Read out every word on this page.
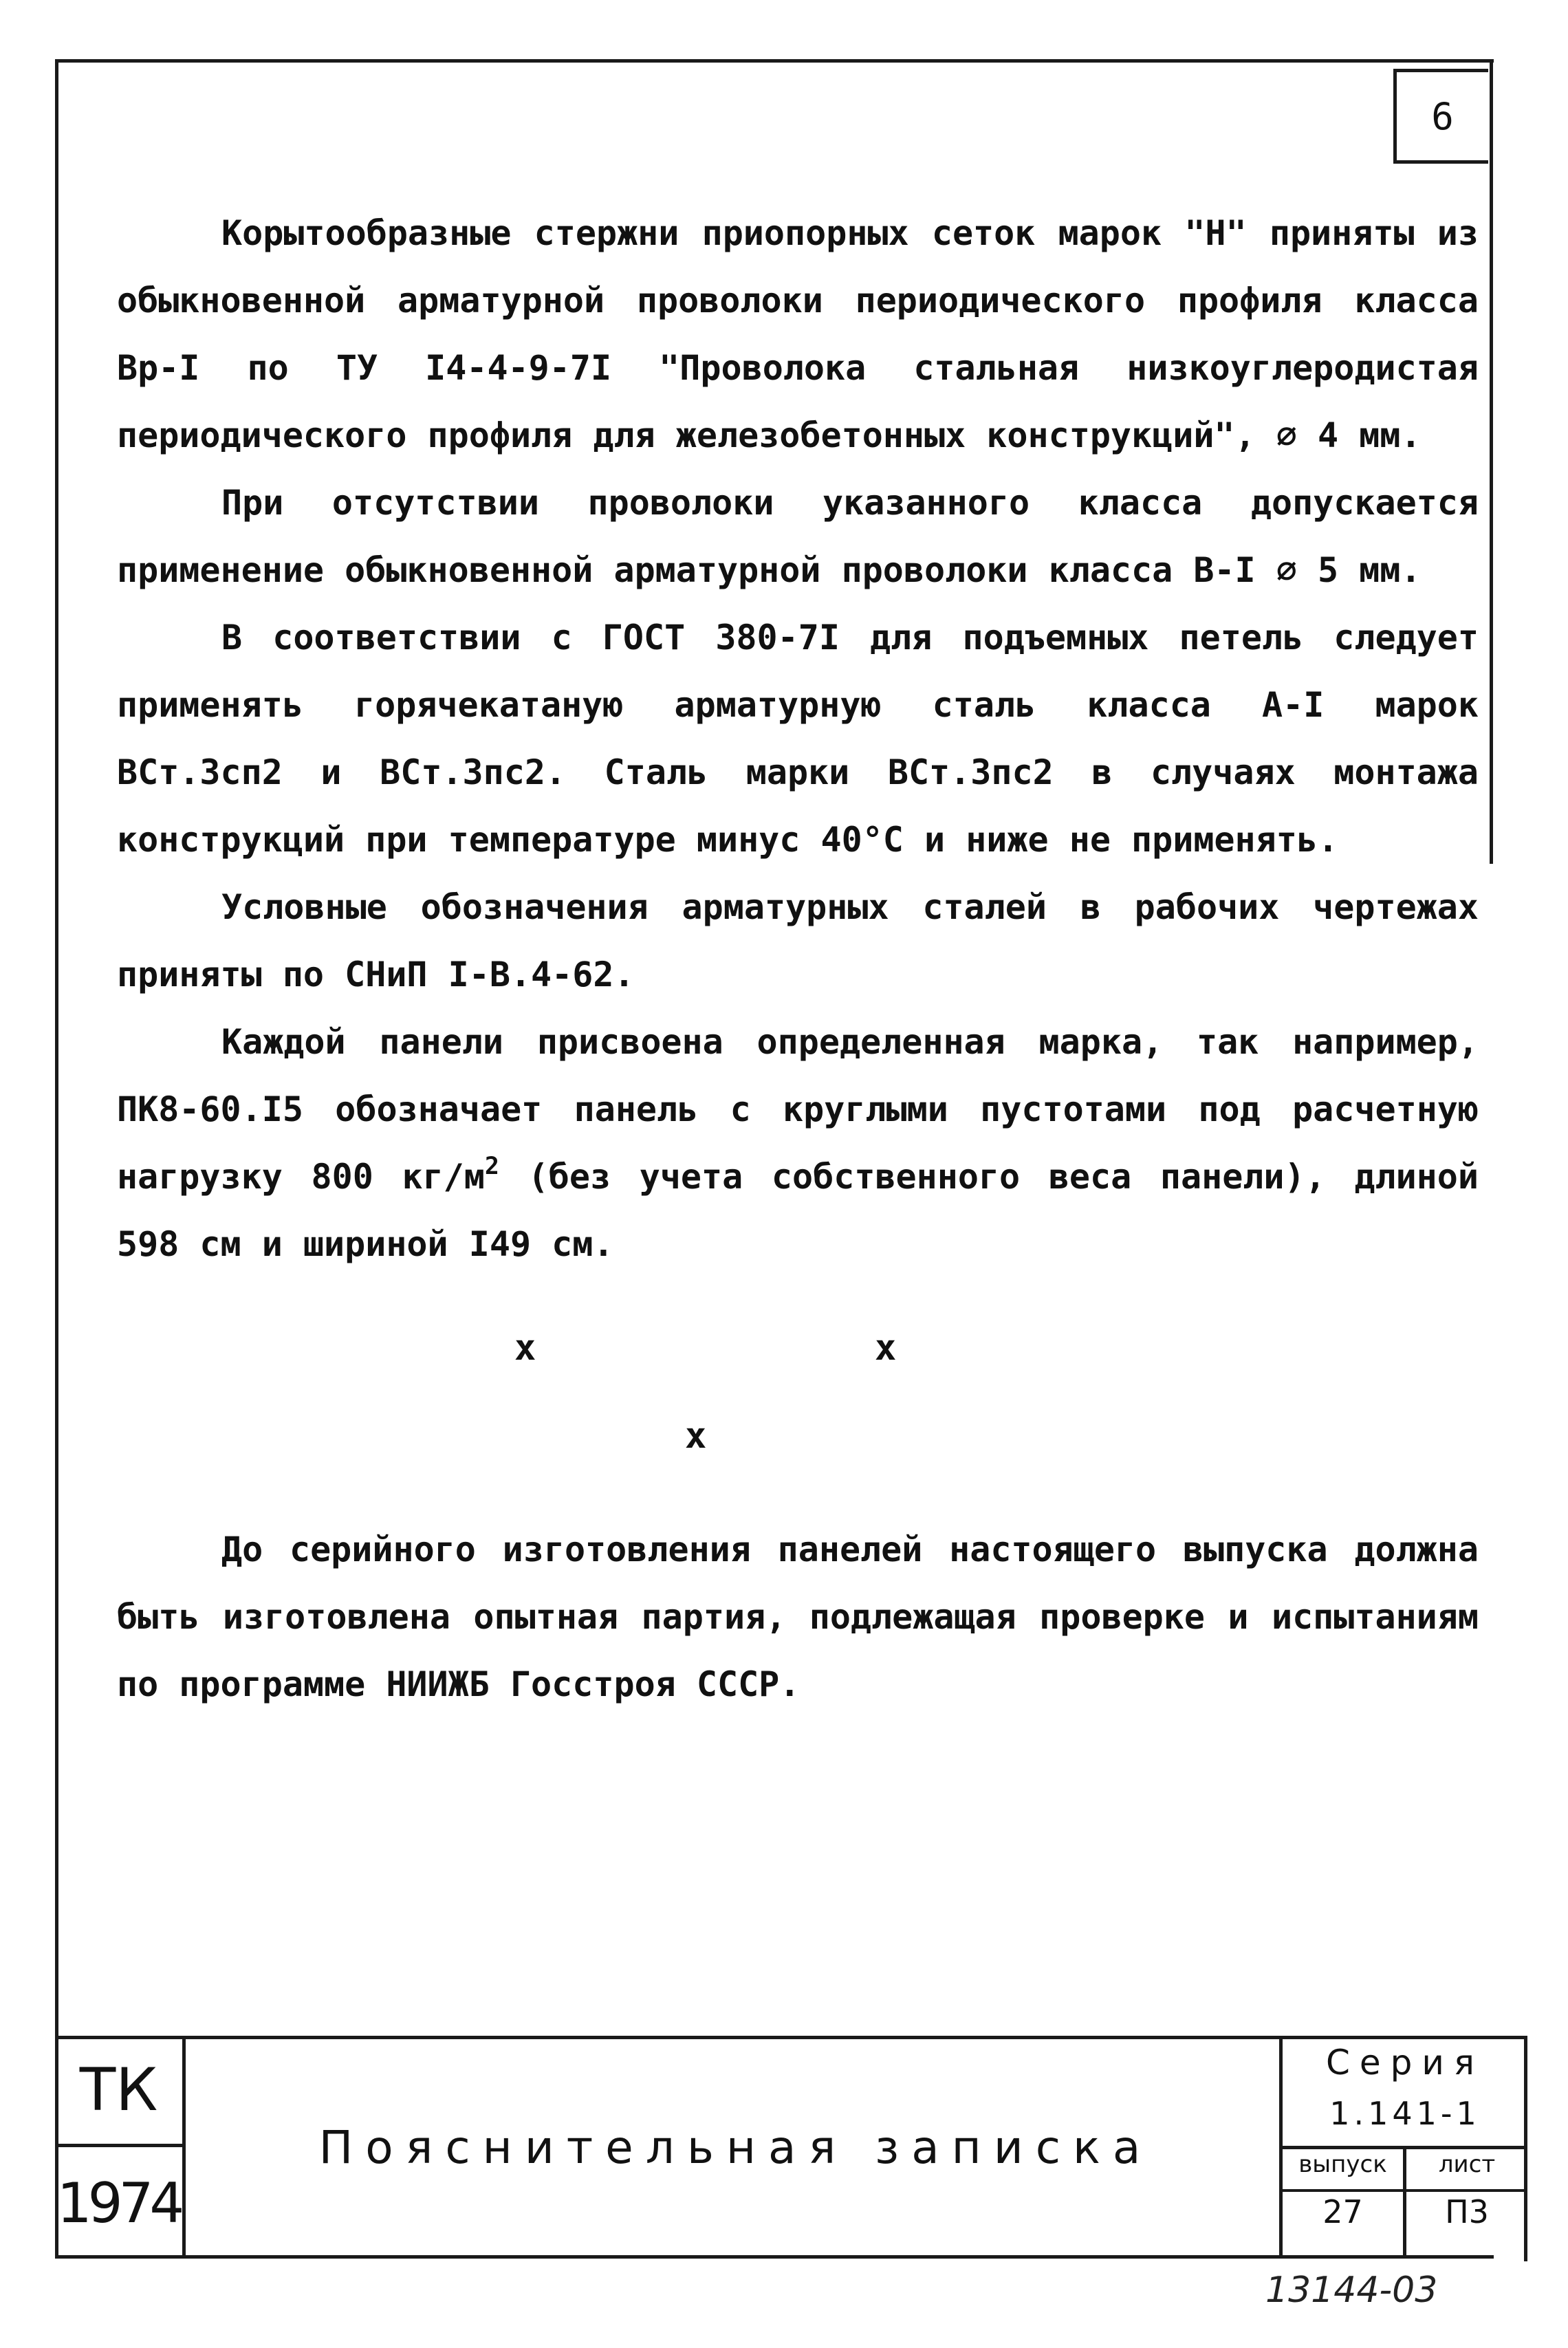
6

Корытообразные стержни приопорных сеток марок "Н" приняты из обыкновенной арматурной проволоки периодического профиля класса Вр-I по ТУ I4-4-9-7I "Проволока стальная низкоуглеродистая периодического профиля для железобетонных конструкций", ⌀ 4 мм.

При отсутствии проволоки указанного класса допускается применение обыкновенной арматурной проволоки класса В-I ⌀ 5 мм.

В соответствии с ГОСТ 380-7I для подъемных петель следует применять горячекатаную арматурную сталь класса А-I марок ВСт.3сп2 и ВСт.3пс2. Сталь марки ВСт.3пс2 в случаях монтажа конструкций при температуре минус 40°С и ниже не применять.

Условные обозначения арматурных сталей в рабочих чертежах приняты по СНиП I-В.4-62.

Каждой панели присвоена определенная марка, так например, ПК8-60.I5 обозначает панель с круглыми пустотами под расчетную нагрузку 800 $кг/м^2$ (без учета собственного веса панели), длиной 598 см и шириной I49 см.

x	x
x

До серийного изготовления панелей настоящего выпуска должна быть изготовлена опытная партия, подлежащая проверке и испытаниям по программе НИИЖБ Госстроя СССР.

ТК
1974
Пояснительная записка
Серия
1.141-1
выпуск
27
лист
П3
13144-03
